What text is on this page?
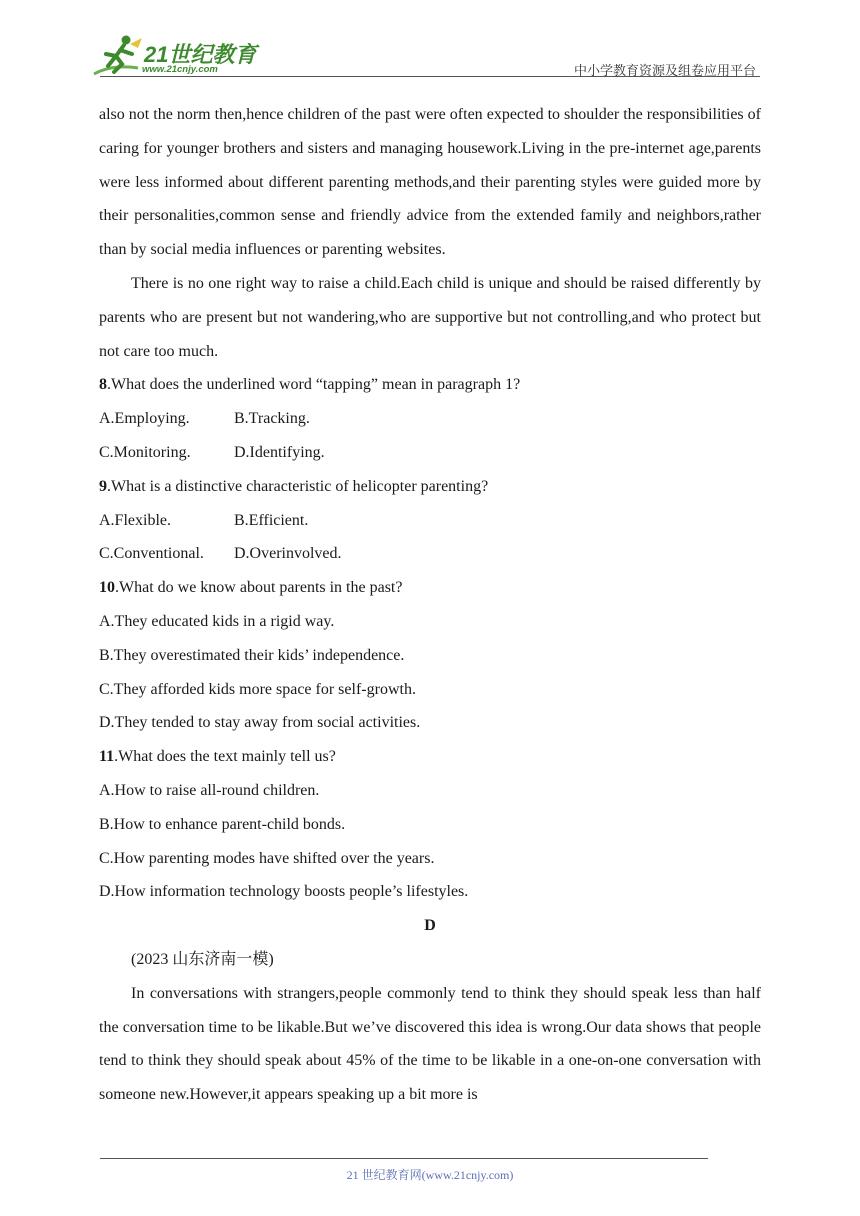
21世纪教育
www.21cnjy.com	中小学教育资源及组卷应用平台

also not the norm then,hence children of the past were often expected to shoulder the responsibilities of caring for younger brothers and sisters and managing housework.Living in the pre-internet age,parents were less informed about different parenting methods,and their parenting styles were guided more by their personalities,common sense and friendly advice from the extended family and neighbors,rather than by social media influences or parenting websites.

There is no one right way to raise a child.Each child is unique and should be raised differently by parents who are present but not wandering,who are supportive but not controlling,and who protect but not care too much.

8.What does the underlined word “tapping” mean in paragraph 1?

A.Employing.	B.Tracking.
C.Monitoring.	D.Identifying.

9.What is a distinctive characteristic of helicopter parenting?

A.Flexible.	B.Efficient.
C.Conventional.	D.Overinvolved.

10.What do we know about parents in the past?

A.They educated kids in a rigid way.

B.They overestimated their kids’ independence.

C.They afforded kids more space for self-growth.

D.They tended to stay away from social activities.

11.What does the text mainly tell us?

A.How to raise all-round children.

B.How to enhance parent-child bonds.

C.How parenting modes have shifted over the years.

D.How information technology boosts people’s lifestyles.

D

(2023 山东济南一模)

In conversations with strangers,people commonly tend to think they should speak less than half the conversation time to be likable.But we’ve discovered this idea is wrong.Our data shows that people tend to think they should speak about 45% of the time to be likable in a one-on-one conversation with someone new.However,it appears speaking up a bit more is

21 世纪教育网(www.21cnjy.com)
